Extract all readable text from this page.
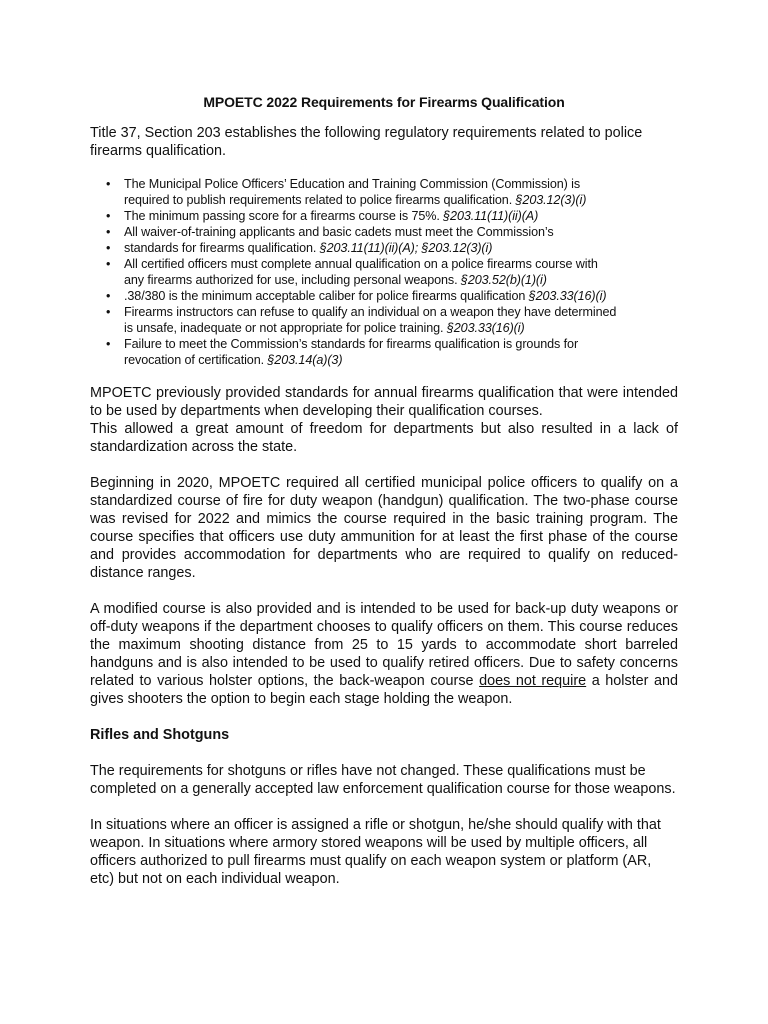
MPOETC 2022 Requirements for Firearms Qualification

Title 37, Section 203 establishes the following regulatory requirements related to police firearms qualification.

• The Municipal Police Officers’ Education and Training Commission (Commission) is
required to publish requirements related to police firearms qualification. §203.12(3)(i)
• The minimum passing score for a firearms course is 75%. §203.11(11)(ii)(A)
• All waiver-of-training applicants and basic cadets must meet the Commission’s
• standards for firearms qualification. §203.11(11)(ii)(A); §203.12(3)(i)
• All certified officers must complete annual qualification on a police firearms course with
any firearms authorized for use, including personal weapons. §203.52(b)(1)(i)
• .38/380 is the minimum acceptable caliber for police firearms qualification §203.33(16)(i)
• Firearms instructors can refuse to qualify an individual on a weapon they have determined
is unsafe, inadequate or not appropriate for police training. §203.33(16)(i)
• Failure to meet the Commission’s standards for firearms qualification is grounds for
revocation of certification. §203.14(a)(3)

MPOETC previously provided standards for annual firearms qualification that were intended to be used by departments when developing their qualification courses.
This allowed a great amount of freedom for departments but also resulted in a lack of standardization across the state.

Beginning in 2020, MPOETC required all certified municipal police officers to qualify on a standardized course of fire for duty weapon (handgun) qualification. The two-phase course was revised for 2022 and mimics the course required in the basic training program. The course specifies that officers use duty ammunition for at least the first phase of the course and provides accommodation for departments who are required to qualify on reduced-distance ranges.

A modified course is also provided and is intended to be used for back-up duty weapons or off-duty weapons if the department chooses to qualify officers on them. This course reduces the maximum shooting distance from 25 to 15 yards to accommodate short barreled handguns and is also intended to be used to qualify retired officers. Due to safety concerns related to various holster options, the back-weapon course does not require a holster and gives shooters the option to begin each stage holding the weapon.

Rifles and Shotguns

The requirements for shotguns or rifles have not changed. These qualifications must be completed on a generally accepted law enforcement qualification course for those weapons.

In situations where an officer is assigned a rifle or shotgun, he/she should qualify with that weapon. In situations where armory stored weapons will be used by multiple officers, all officers authorized to pull firearms must qualify on each weapon system or platform (AR, etc) but not on each individual weapon.
